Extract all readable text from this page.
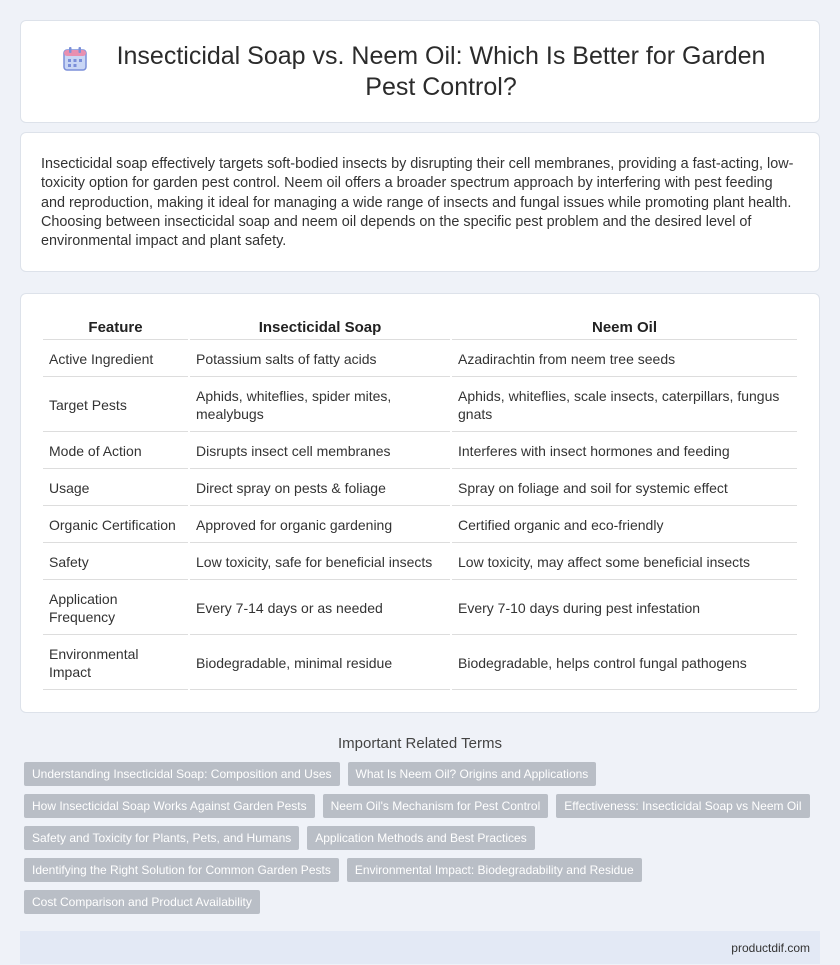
Insecticidal Soap vs. Neem Oil: Which Is Better for Garden Pest Control?
Insecticidal soap effectively targets soft-bodied insects by disrupting their cell membranes, providing a fast-acting, low-toxicity option for garden pest control. Neem oil offers a broader spectrum approach by interfering with pest feeding and reproduction, making it ideal for managing a wide range of insects and fungal issues while promoting plant health. Choosing between insecticidal soap and neem oil depends on the specific pest problem and the desired level of environmental impact and plant safety.
Feature	Insecticidal Soap	Neem Oil
Active Ingredient	Potassium salts of fatty acids	Azadirachtin from neem tree seeds
Target Pests	Aphids, whiteflies, spider mites, mealybugs	Aphids, whiteflies, scale insects, caterpillars, fungus gnats
Mode of Action	Disrupts insect cell membranes	Interferes with insect hormones and feeding
Usage	Direct spray on pests & foliage	Spray on foliage and soil for systemic effect
Organic Certification	Approved for organic gardening	Certified organic and eco-friendly
Safety	Low toxicity, safe for beneficial insects	Low toxicity, may affect some beneficial insects
Application Frequency	Every 7-14 days or as needed	Every 7-10 days during pest infestation
Environmental Impact	Biodegradable, minimal residue	Biodegradable, helps control fungal pathogens
Important Related Terms
Understanding Insecticidal Soap: Composition and Uses	What Is Neem Oil? Origins and Applications
How Insecticidal Soap Works Against Garden Pests	Neem Oil's Mechanism for Pest Control	Effectiveness: Insecticidal Soap vs Neem Oil
Safety and Toxicity for Plants, Pets, and Humans	Application Methods and Best Practices
Identifying the Right Solution for Common Garden Pests	Environmental Impact: Biodegradability and Residue
Cost Comparison and Product Availability
productdif.com
